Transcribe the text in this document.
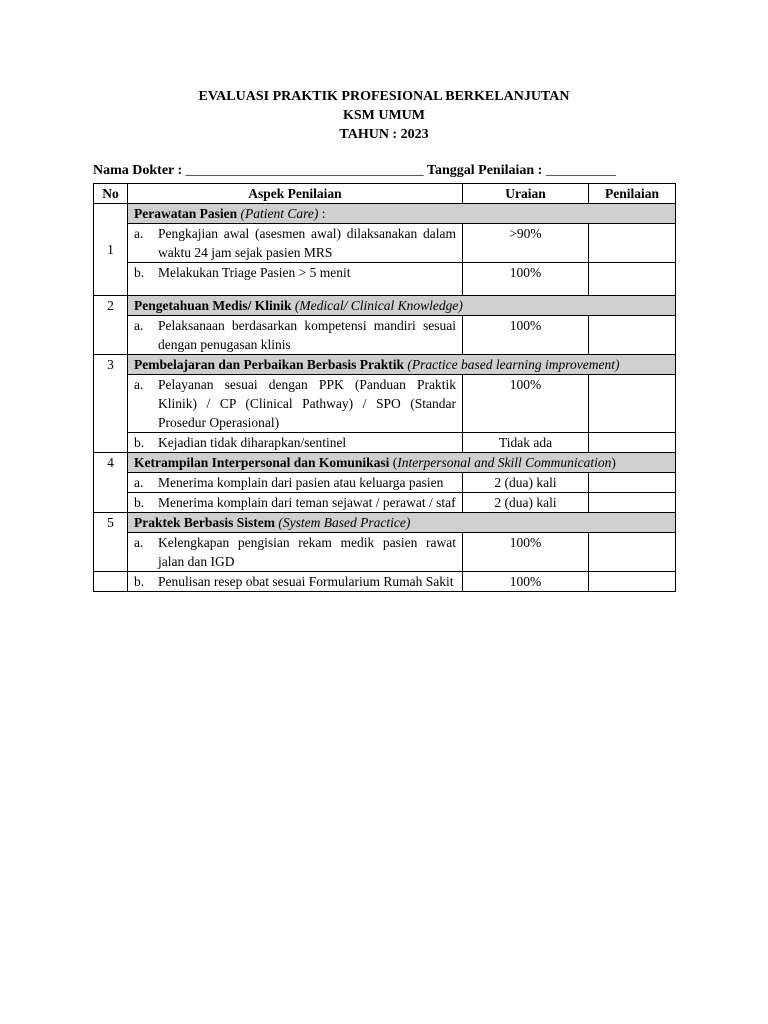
EVALUASI PRAKTIK PROFESIONAL BERKELANJUTAN
KSM UMUM
TAHUN : 2023
Nama Dokter : __________________________________ Tanggal Penilaian : __________
No	Aspek Penilaian	Uraian	Penilaian
1	Perawatan Pasien (Patient Care) :		

	a. Pengkajian awal (asesmen awal) dilaksanakan dalam waktu 24 jam sejak pasien MRS	>90%	

	b. Melakukan Triage Pasien > 5 menit	100%	
2	Pengetahuan Medis/ Klinik (Medical/ Clinical Knowledge)		

	a. Pelaksanaan berdasarkan kompetensi mandiri sesuai dengan penugasan klinis	100%	
3	Pembelajaran dan Perbaikan Berbasis Praktik (Practice based learning improvement)		

	a. Pelayanan sesuai dengan PPK (Panduan Praktik Klinik) / CP (Clinical Pathway) / SPO (Standar Prosedur Operasional)	100%	

	b. Kejadian tidak diharapkan/sentinel	Tidak ada	
4	Ketrampilan Interpersonal dan Komunikasi (Interpersonal and Skill Communication)		

	a. Menerima komplain dari pasien atau keluarga pasien	2 (dua) kali	

	b. Menerima komplain dari teman sejawat / perawat / staf	2 (dua) kali	
5	Praktek Berbasis Sistem (System Based Practice)		

	a. Kelengkapan pengisian rekam medik pasien rawat jalan dan IGD	100%	

	b. Penulisan resep obat sesuai Formularium Rumah Sakit	100%	
